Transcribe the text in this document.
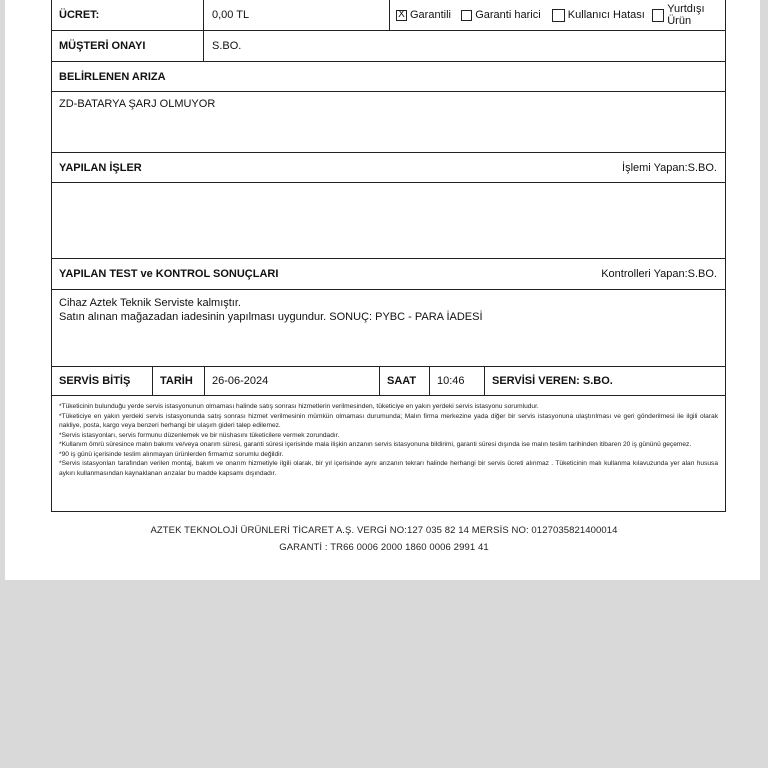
ÜCRET:	0,00 TL	X Garantili Garanti harici Kullanıcı Hatası Yurtdışı Ürün
MÜŞTERİ ONAYI	S.BO.
BELİRLENEN ARIZA
ZD-BATARYA ŞARJ OLMUYOR
YAPILAN İŞLER	İşlemi Yapan:S.BO.
YAPILAN TEST ve KONTROL SONUÇLARI	Kontrolleri Yapan:S.BO.
Cihaz Aztek Teknik Serviste kalmıştır.
Satın alınan mağazadan iadesinin yapılması uygundur. SONUÇ: PYBC - PARA İADESİ
SERVİS BİTİŞ	TARİH	26-06-2024	SAAT	10:46	SERVİSİ VEREN: S.BO.
*Tüketicinin bulunduğu yerde servis istasyonunun olmaması halinde satış sonrası hizmetlerin verilmesinden, tüketiciye en yakın yerdeki servis istasyonu sorumludur.
*Tüketiciye en yakın yerdeki servis istasyonunda satış sonrası hizmet verilmesinin mümkün olmaması durumunda; Malın firma merkezine yada diğer bir servis istasyonuna ulaştırılması ve geri gönderilmesi ile ilgili olarak nakliye, posta, kargo veya benzeri herhangi bir ulaşım gideri talep edilemez.
*Servis istasyonları, servis formunu düzenlemek ve bir nüshasını tüketicilere vermek zorundadır.
*Kullanım ömrü süresince malın bakımı ve/veya onarım süresi, garanti süresi içerisinde mala ilişkin arızanın servis istasyonuna bildirimi, garanti süresi dışında ise malın teslim tarihinden itibaren 20 iş gününü geçemez.
*90 iş günü içerisinde teslim alınmayan ürünlerden firmamız sorumlu değildir.
*Servis istasyonları tarafından verilen montaj, bakım ve onarım hizmetiyle ilgili olarak, bir yıl içerisinde aynı arızanın tekrarı halinde herhangi bir servis ücreti alınmaz . Tüketicinin malı kullanma kılavuzunda yer alan hususa aykırı kullanmasından kaynaklanan arızalar bu madde kapsamı dışındadır.
AZTEK TEKNOLOJİ ÜRÜNLERİ TİCARET A.Ş. VERGİ NO:127 035 82 14 MERSİS NO: 0127035821400014
GARANTİ : TR66 0006 2000 1860 0006 2991 41
